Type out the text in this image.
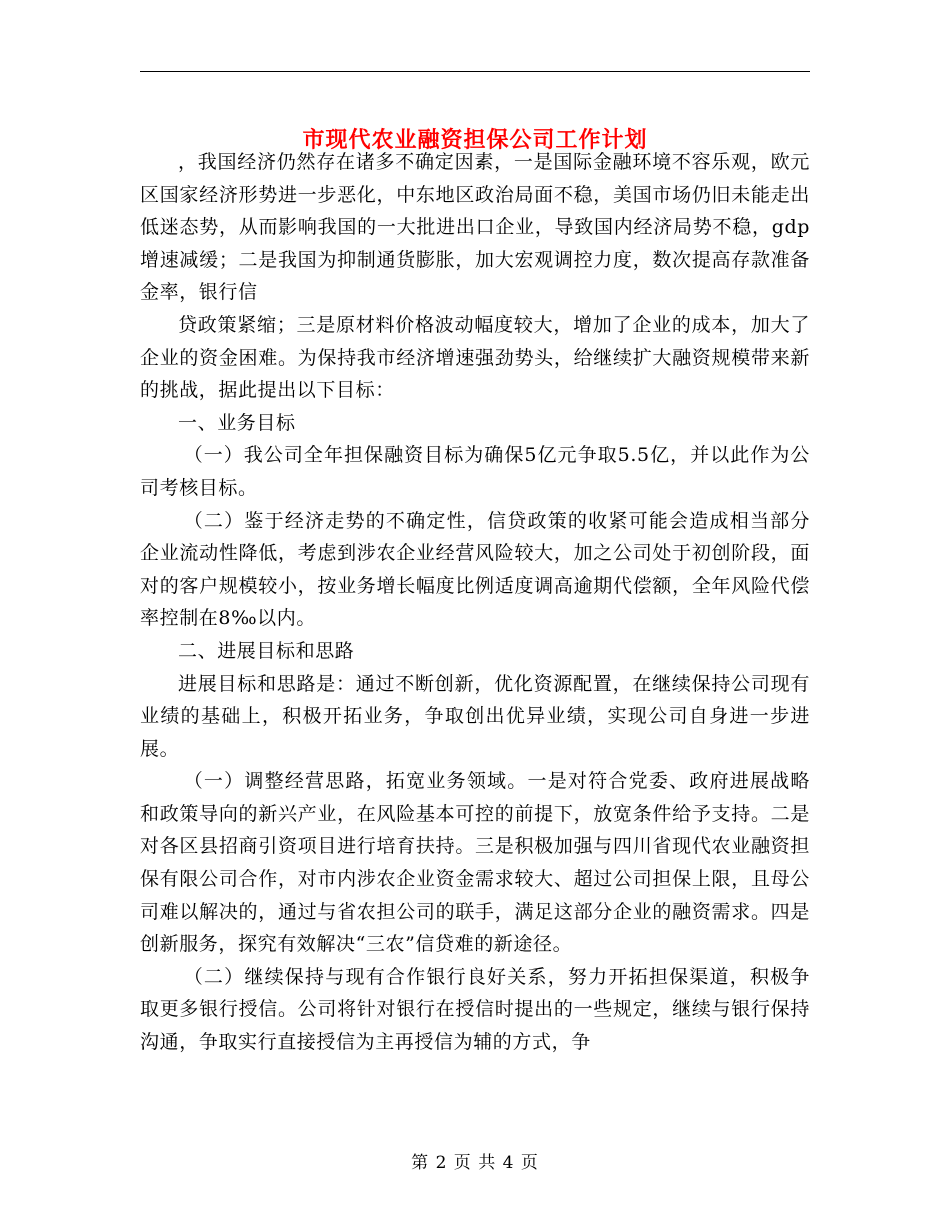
市现代农业融资担保公司工作计划

，我国经济仍然存在诸多不确定因素，一是国际金融环境不容乐观，欧元区国家经济形势进一步恶化，中东地区政治局面不稳，美国市场仍旧未能走出低迷态势，从而影响我国的一大批进出口企业，导致国内经济局势不稳，gdp增速减缓；二是我国为抑制通货膨胀，加大宏观调控力度，数次提高存款准备金率，银行信

贷政策紧缩；三是原材料价格波动幅度较大，增加了企业的成本，加大了企业的资金困难。为保持我市经济增速强劲势头，给继续扩大融资规模带来新的挑战，据此提出以下目标：

一、业务目标

（一）我公司全年担保融资目标为确保5亿元争取5.5亿，并以此作为公司考核目标。

（二）鉴于经济走势的不确定性，信贷政策的收紧可能会造成相当部分企业流动性降低，考虑到涉农企业经营风险较大，加之公司处于初创阶段，面对的客户规模较小，按业务增长幅度比例适度调高逾期代偿额，全年风险代偿率控制在8‰以内。

二、进展目标和思路

进展目标和思路是：通过不断创新，优化资源配置，在继续保持公司现有业绩的基础上，积极开拓业务，争取创出优异业绩，实现公司自身进一步进展。

（一）调整经营思路，拓宽业务领域。一是对符合党委、政府进展战略和政策导向的新兴产业，在风险基本可控的前提下，放宽条件给予支持。二是对各区县招商引资项目进行培育扶持。三是积极加强与四川省现代农业融资担保有限公司合作，对市内涉农企业资金需求较大、超过公司担保上限，且母公司难以解决的，通过与省农担公司的联手，满足这部分企业的融资需求。四是创新服务，探究有效解决“三农”信贷难的新途径。

（二）继续保持与现有合作银行良好关系，努力开拓担保渠道，积极争取更多银行授信。公司将针对银行在授信时提出的一些规定，继续与银行保持沟通，争取实行直接授信为主再授信为辅的方式，争

第 2 页 共 4 页
